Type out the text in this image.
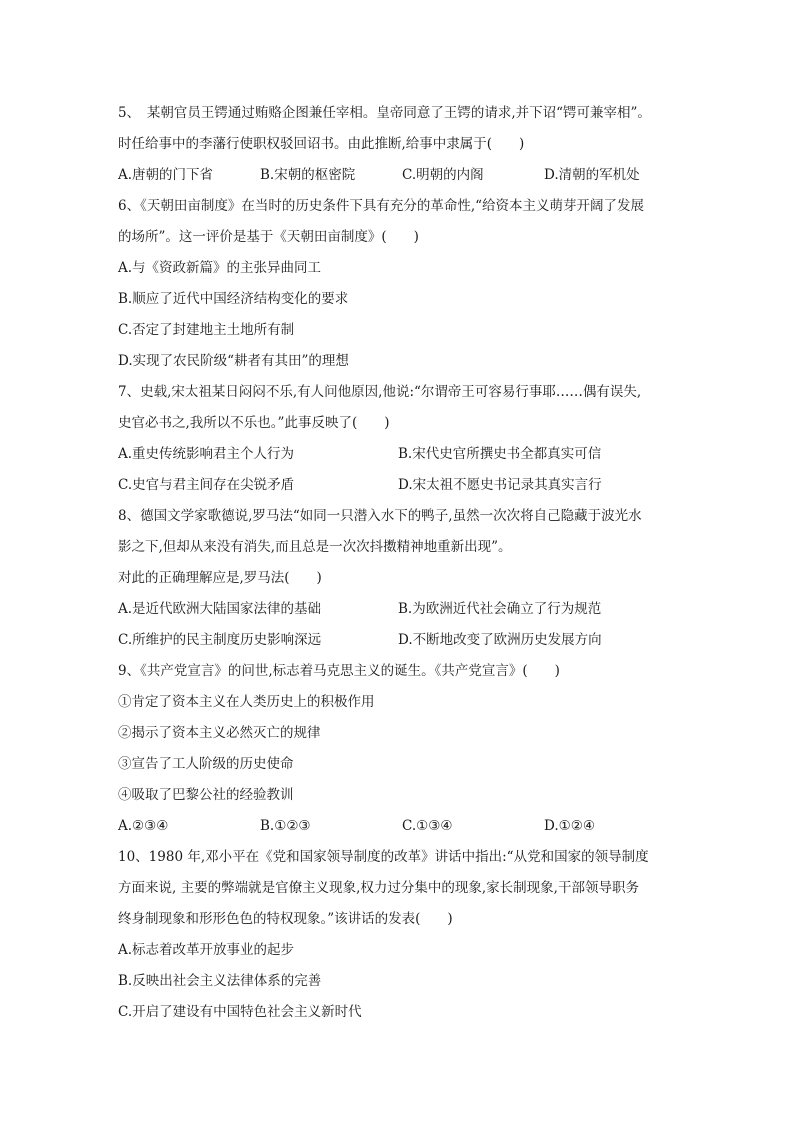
5、　某朝官员王锷通过贿赂企图兼任宰相。皇帝同意了王锷的请求,并下诏“锷可兼宰相”。
时任给事中的李藩行使职权驳回诏书。由此推断,给事中隶属于(　　)
A.唐朝的门下省	B.宋朝的枢密院	C.明朝的内阁	D.清朝的军机处
6、《天朝田亩制度》在当时的历史条件下具有充分的革命性,“给资本主义萌芽开阔了发展
的场所”。这一评价是基于《天朝田亩制度》(　　)
A.与《资政新篇》的主张异曲同工
B.顺应了近代中国经济结构变化的要求
C.否定了封建地主土地所有制
D.实现了农民阶级“耕者有其田”的理想
7、史载,宋太祖某日闷闷不乐,有人问他原因,他说:“尔谓帝王可容易行事耶……偶有误失,
史官必书之,我所以不乐也。”此事反映了(　　)
A.重史传统影响君主个人行为	B.宋代史官所撰史书全都真实可信
C.史官与君主间存在尖锐矛盾	D.宋太祖不愿史书记录其真实言行
8、德国文学家歌德说,罗马法“如同一只潜入水下的鸭子,虽然一次次将自己隐藏于波光水
影之下,但却从来没有消失,而且总是一次次抖擞精神地重新出现”。
对此的正确理解应是,罗马法(　　)
A.是近代欧洲大陆国家法律的基础	B.为欧洲近代社会确立了行为规范
C.所维护的民主制度历史影响深远	D.不断地改变了欧洲历史发展方向
9、《共产党宣言》的问世,标志着马克思主义的诞生。《共产党宣言》(　　)
①肯定了资本主义在人类历史上的积极作用
②揭示了资本主义必然灭亡的规律
③宣告了工人阶级的历史使命
④吸取了巴黎公社的经验教训
A.②③④	B.①②③	C.①③④	D.①②④
10、1980 年,邓小平在《党和国家领导制度的改革》讲话中指出:“从党和国家的领导制度
方面来说, 主要的弊端就是官僚主义现象,权力过分集中的现象,家长制现象,干部领导职务
终身制现象和形形色色的特权现象。”该讲话的发表(　　)
A.标志着改革开放事业的起步
B.反映出社会主义法律体系的完善
C.开启了建设有中国特色社会主义新时代
